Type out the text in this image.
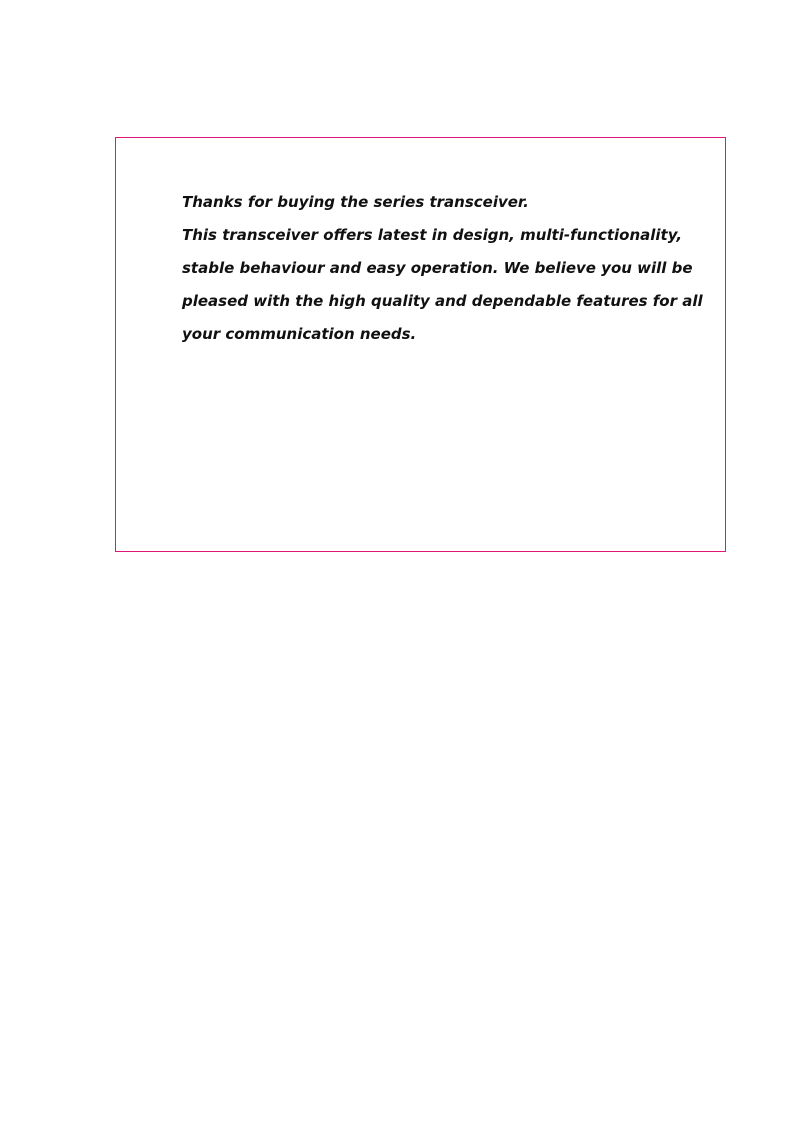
Thanks for buying the series transceiver.
This transceiver offers latest in design, multi-functionality,
stable behaviour and easy operation. We believe you will be
pleased with the high quality and dependable features for all
your communication needs.
